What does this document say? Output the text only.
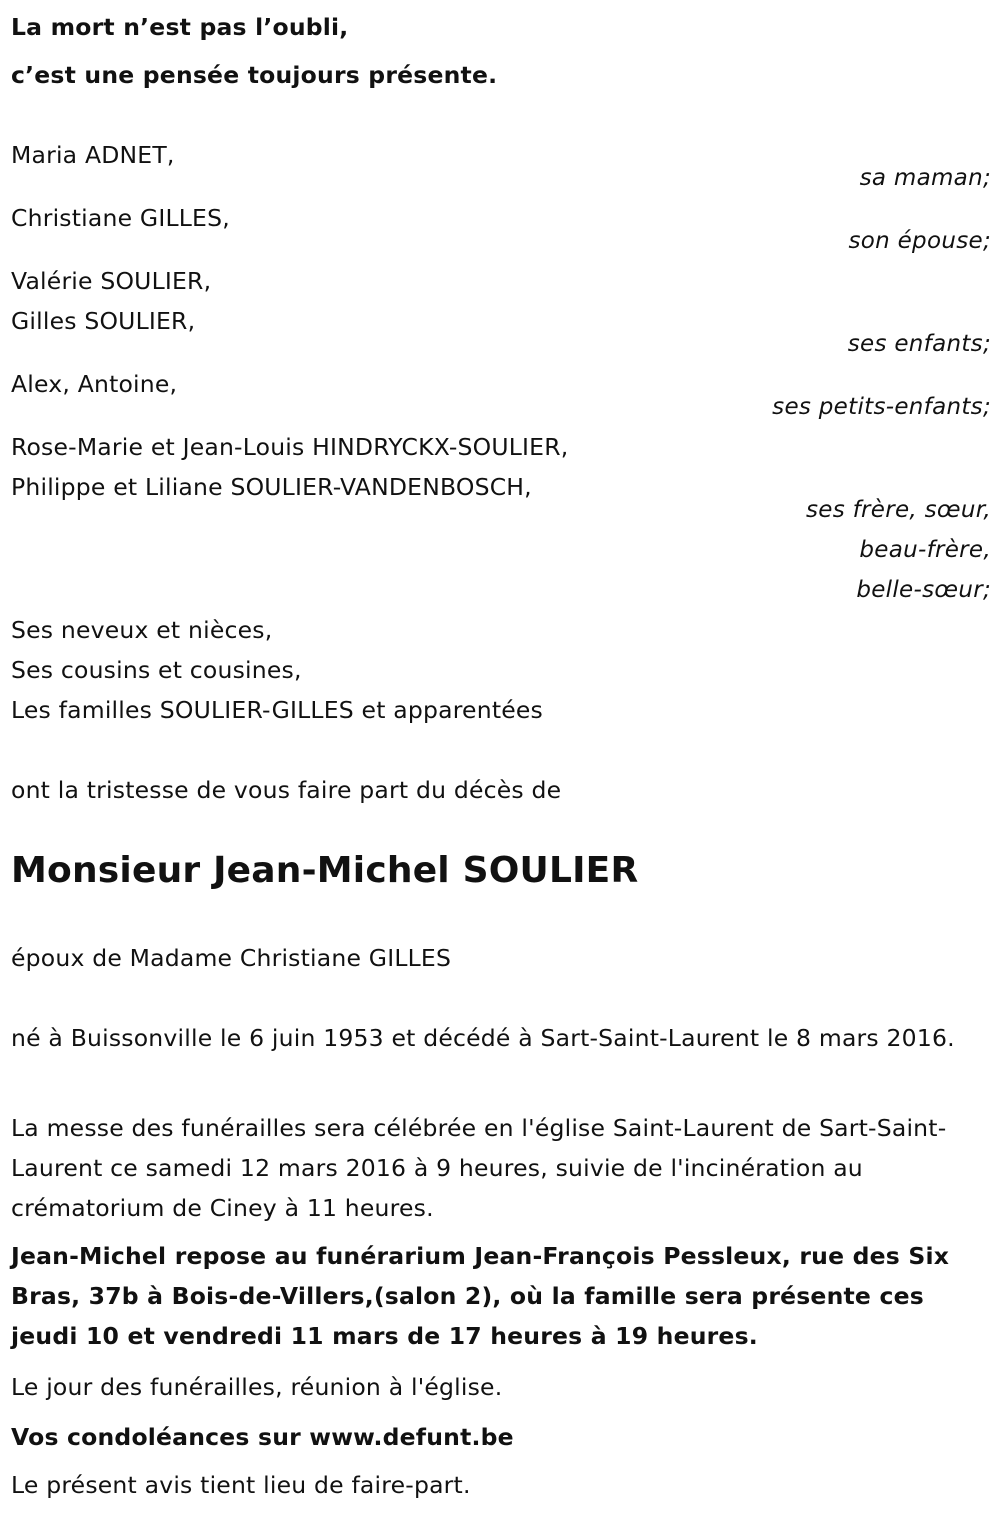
La mort n’est pas l’oubli,
c’est une pensée toujours présente.
Maria ADNET,
sa maman;
Christiane GILLES,
son épouse;
Valérie SOULIER,
Gilles SOULIER,
ses enfants;
Alex, Antoine,
ses petits-enfants;
Rose-Marie et Jean-Louis HINDRYCKX-SOULIER,
Philippe et Liliane SOULIER-VANDENBOSCH,
ses frère, sœur,
beau-frère,
belle-sœur;
Ses neveux et nièces,
Ses cousins et cousines,
Les familles SOULIER-GILLES et apparentées
ont la tristesse de vous faire part du décès de
Monsieur Jean-Michel SOULIER
époux de Madame Christiane GILLES
né à Buissonville le 6 juin 1953 et décédé à Sart-Saint-Laurent le 8 mars 2016.
La messe des funérailles sera célébrée en l'église Saint-Laurent de Sart-Saint-Laurent ce samedi 12 mars 2016 à 9 heures, suivie de l'incinération au crématorium de Ciney à 11 heures.
Jean-Michel repose au funérarium Jean-François Pessleux, rue des Six Bras, 37b à Bois-de-Villers,(salon 2), où la famille sera présente ces jeudi 10 et vendredi 11 mars de 17 heures à 19 heures.
Le jour des funérailles, réunion à l'église.
Vos condoléances sur www.defunt.be
Le présent avis tient lieu de faire-part.
